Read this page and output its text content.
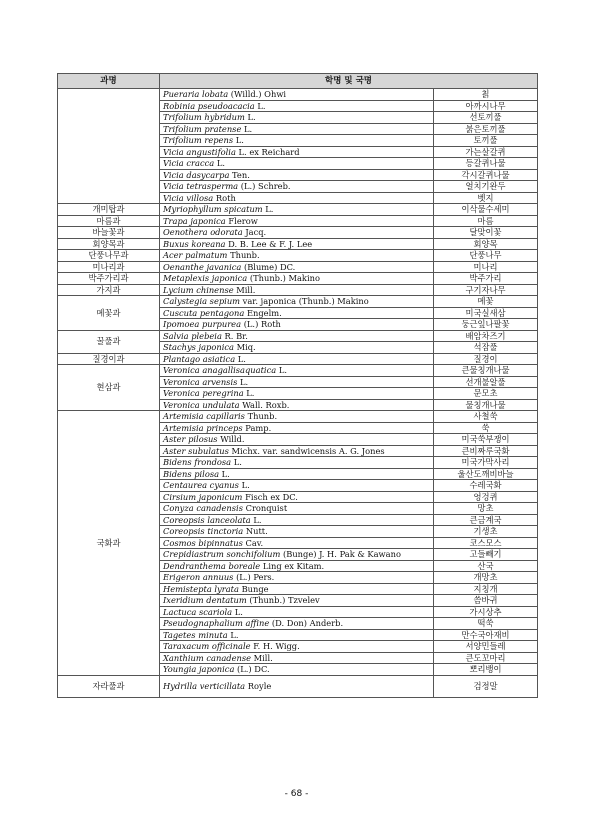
과명	학명 및 국명	
	Pueraria lobata (Willd.) Ohwi	칡
	Robinia pseudoacacia L.	아까시나무
	Trifolium hybridum L.	선토끼풀
	Trifolium pratense L.	붉은토끼풀
	Trifolium repens L.	토끼풀
	Vicia angustifolia L. ex Reichard	가는살갈퀴
	Vicia cracca L.	등갈퀴나물
	Vicia dasycarpa Ten.	각시갈퀴나물
	Vicia tetrasperma (L.) Schreb.	얼치기완두
	Vicia villosa Roth	벳지
개미탑과	Myriophyllum spicatum L.	이삭물수세미
마름과	Trapa japonica Flerow	마름
바늘꽃과	Oenothera odorata Jacq.	달맞이꽃
회양목과	Buxus koreana D. B. Lee & F. J. Lee	회양목
단풍나무과	Acer palmatum Thunb.	단풍나무
미나리과	Oenanthe javanica (Blume) DC.	미나리
박주가리과	Metaplexis japonica (Thunb.) Makino	박주가리
가지과	Lycium chinense Mill.	구기자나무
메꽃과	Calystegia sepium var. japonica (Thunb.) Makino	메꽃
	Cuscuta pentagona Engelm.	미국실새삼
	Ipomoea purpurea (L.) Roth	둥근잎나팔꽃
꿀풀과	Salvia plebeia R. Br.	배암차즈기
	Stachys japonica Miq.	석잠풀
질경이과	Plantago asiatica L.	질경이
현삼과	Veronica anagallisaquatica L.	큰물칭개나물
	Veronica arvensis L.	선개불알풀
	Veronica peregrina L.	문모초
	Veronica undulata Wall. Roxb.	물칭개나물
국화과	Artemisia capillaris Thunb.	사철쑥
	Artemisia princeps Pamp.	쑥
	Aster pilosus Willd.	미국쑥부쟁이
	Aster subulatus Michx. var. sandwicensis A. G. Jones	큰비짜루국화
	Bidens frondosa L.	미국가막사리
	Bidens pilosa L.	울산도깨비바늘
	Centaurea cyanus L.	수레국화
	Cirsium japonicum Fisch ex DC.	엉겅퀴
	Conyza canadensis Cronquist	망초
	Coreopsis lanceolata L.	큰금계국
	Coreopsis tinctoria Nutt.	기생초
	Cosmos bipinnatus Cav.	코스모스
	Crepidiastrum sonchifolium (Bunge) J. H. Pak & Kawano	고들빼기
	Dendranthema boreale Ling ex Kitam.	산국
	Erigeron annuus (L.) Pers.	개망초
	Hemistepta lyrata Bunge	지칭개
	Ixeridium dentatum (Thunb.) Tzvelev	씀바귀
	Lactuca scariola L.	가시상추
	Pseudognaphalium affine (D. Don) Anderb.	떡쑥
	Tagetes minuta L.	만수국아재비
	Taraxacum officinale F. H. Wigg.	서양민들레
	Xanthium canadense Mill.	큰도꼬마리
	Youngia japonica (L.) DC.	뽀리뱅이
자라풀과	Hydrilla verticillata Royle	검정말
- 68 -
